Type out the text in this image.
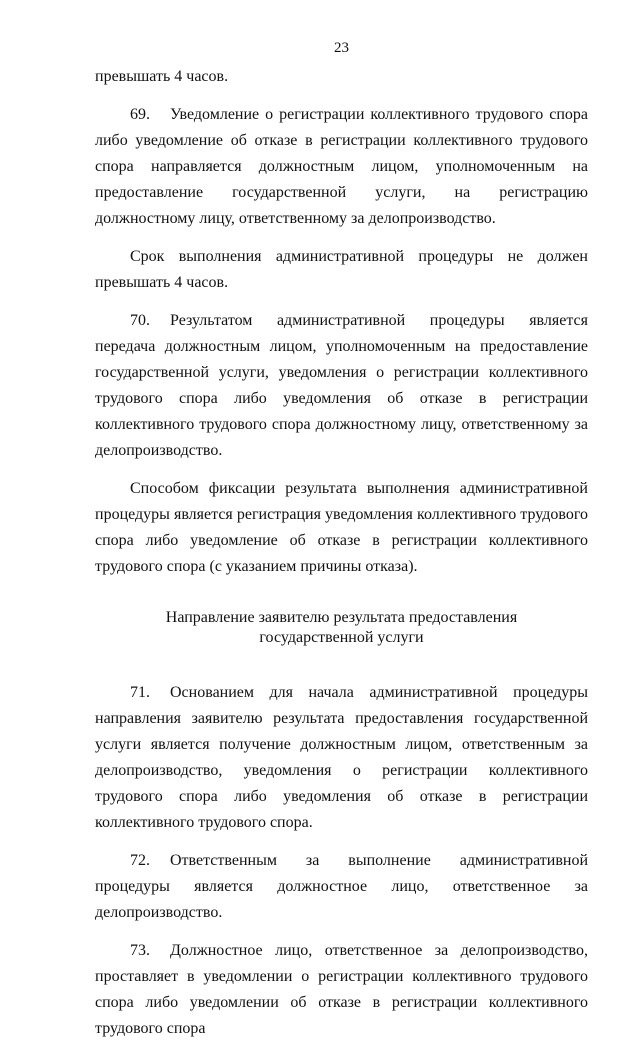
23

превышать 4 часов.

69. Уведомление о регистрации коллективного трудового спора либо уведомление об отказе в регистрации коллективного трудового спора направляется должностным лицом, уполномоченным на предоставление государственной услуги, на регистрацию должностному лицу, ответственному за делопроизводство.

Срок выполнения административной процедуры не должен превышать 4 часов.

70. Результатом административной процедуры является передача должностным лицом, уполномоченным на предоставление государственной услуги, уведомления о регистрации коллективного трудового спора либо уведомления об отказе в регистрации коллективного трудового спора должностному лицу, ответственному за делопроизводство.

Способом фиксации результата выполнения административной процедуры является регистрация уведомления коллективного трудового спора либо уведомление об отказе в регистрации коллективного трудового спора (с указанием причины отказа).

Направление заявителю результата предоставления
государственной услуги

71. Основанием для начала административной процедуры направления заявителю результата предоставления государственной услуги является получение должностным лицом, ответственным за делопроизводство, уведомления о регистрации коллективного трудового спора либо уведомления об отказе в регистрации коллективного трудового спора.

72. Ответственным за выполнение административной процедуры является должностное лицо, ответственное за делопроизводство.

73. Должностное лицо, ответственное за делопроизводство, проставляет в уведомлении о регистрации коллективного трудового спора либо уведомлении об отказе в регистрации коллективного трудового спора
